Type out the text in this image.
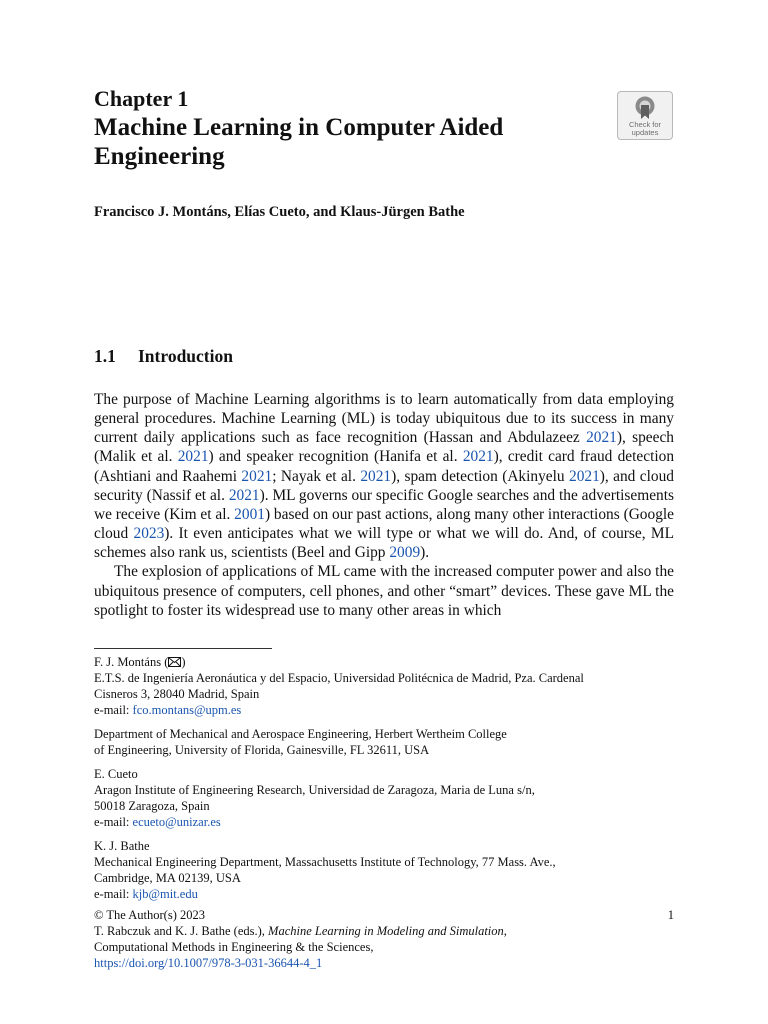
Chapter 1
Machine Learning in Computer Aided Engineering
Check for updates

Francisco J. Montáns, Elías Cueto, and Klaus-Jürgen Bathe

1.1 Introduction

The purpose of Machine Learning algorithms is to learn automatically from data employing general procedures. Machine Learning (ML) is today ubiquitous due to its success in many current daily applications such as face recognition (Hassan and Abdulazeez 2021), speech (Malik et al. 2021) and speaker recognition (Hanifa et al. 2021), credit card fraud detection (Ashtiani and Raahemi 2021; Nayak et al. 2021), spam detection (Akinyelu 2021), and cloud security (Nassif et al. 2021). ML governs our specific Google searches and the advertisements we receive (Kim et al. 2001) based on our past actions, along many other interactions (Google cloud 2023). It even anticipates what we will type or what we will do. And, of course, ML schemes also rank us, scientists (Beel and Gipp 2009).

The explosion of applications of ML came with the increased computer power and also the ubiquitous presence of computers, cell phones, and other “smart” devices. These gave ML the spotlight to foster its widespread use to many other areas in which

F. J. Montáns ( )
E.T.S. de Ingeniería Aeronáutica y del Espacio, Universidad Politécnica de Madrid, Pza. Cardenal
Cisneros 3, 28040 Madrid, Spain
e-mail: fco.montans@upm.es
Department of Mechanical and Aerospace Engineering, Herbert Wertheim College
of Engineering, University of Florida, Gainesville, FL 32611, USA
E. Cueto
Aragon Institute of Engineering Research, Universidad de Zaragoza, Maria de Luna s/n,
50018 Zaragoza, Spain
e-mail: ecueto@unizar.es
K. J. Bathe
Mechanical Engineering Department, Massachusetts Institute of Technology, 77 Mass. Ave.,
Cambridge, MA 02139, USA
e-mail: kjb@mit.edu
1
© The Author(s) 2023
T. Rabczuk and K. J. Bathe (eds.), Machine Learning in Modeling and Simulation,
Computational Methods in Engineering & the Sciences,
https://doi.org/10.1007/978-3-031-36644-4_1
